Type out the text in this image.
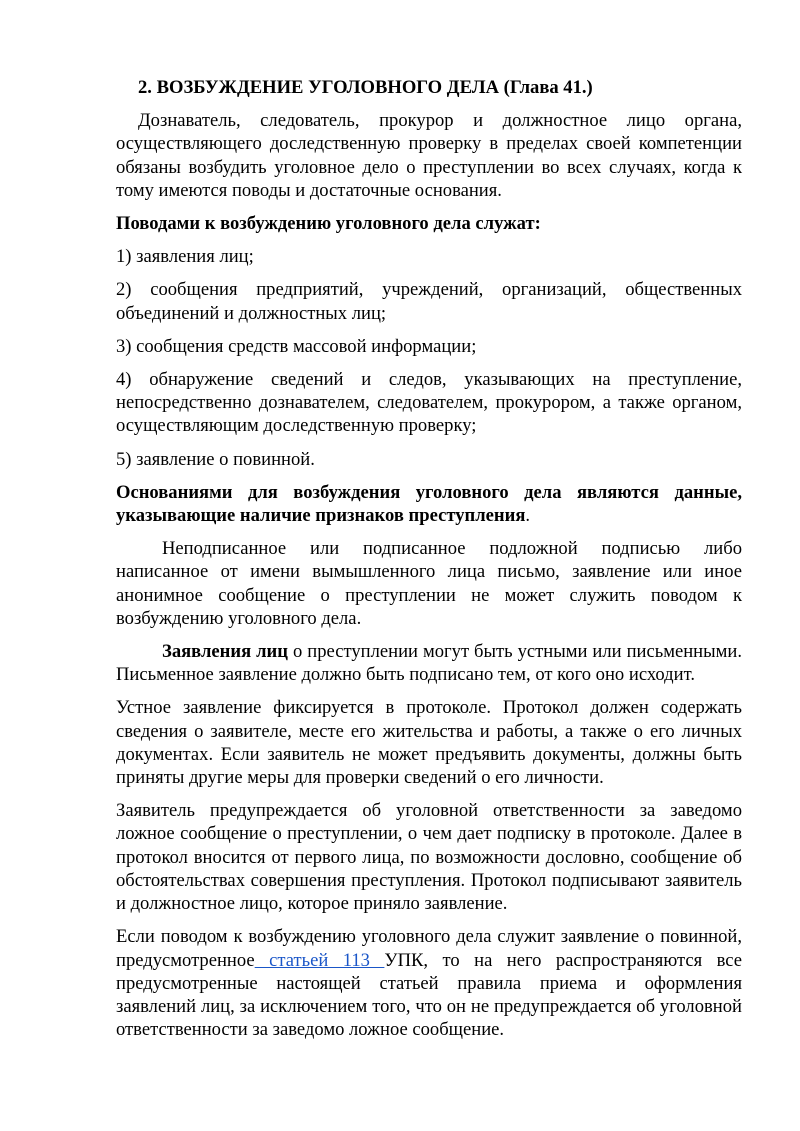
2. ВОЗБУЖДЕНИЕ УГОЛОВНОГО ДЕЛА (Глава 41.)

Дознаватель, следователь, прокурор и должностное лицо органа, осуществляющего доследственную проверку в пределах своей компетенции обязаны возбудить уголовное дело о преступлении во всех случаях, когда к тому имеются поводы и достаточные основания.

Поводами к возбуждению уголовного дела служат:

1) заявления лиц;

2) сообщения предприятий, учреждений, организаций, общественных объединений и должностных лиц;

3) сообщения средств массовой информации;

4) обнаружение сведений и следов, указывающих на преступление, непосредственно дознавателем, следователем, прокурором, а также органом, осуществляющим доследственную проверку;

5) заявление о повинной.

Основаниями для возбуждения уголовного дела являются данные, указывающие наличие признаков преступления.

Неподписанное или подписанное подложной подписью либо написанное от имени вымышленного лица письмо, заявление или иное анонимное сообщение о преступлении не может служить поводом к возбуждению уголовного дела.

Заявления лиц о преступлении могут быть устными или письменными. Письменное заявление должно быть подписано тем, от кого оно исходит.

Устное заявление фиксируется в протоколе. Протокол должен содержать сведения о заявителе, месте его жительства и работы, а также о его личных документах. Если заявитель не может предъявить документы, должны быть приняты другие меры для проверки сведений о его личности.

Заявитель предупреждается об уголовной ответственности за заведомо ложное сообщение о преступлении, о чем дает подписку в протоколе. Далее в протокол вносится от первого лица, по возможности дословно, сообщение об обстоятельствах совершения преступления. Протокол подписывают заявитель и должностное лицо, которое приняло заявление.

Если поводом к возбуждению уголовного дела служит заявление о повинной, предусмотренное статьей 113 УПК, то на него распространяются все предусмотренные настоящей статьей правила приема и оформления заявлений лиц, за исключением того, что он не предупреждается об уголовной ответственности за заведомо ложное сообщение.
